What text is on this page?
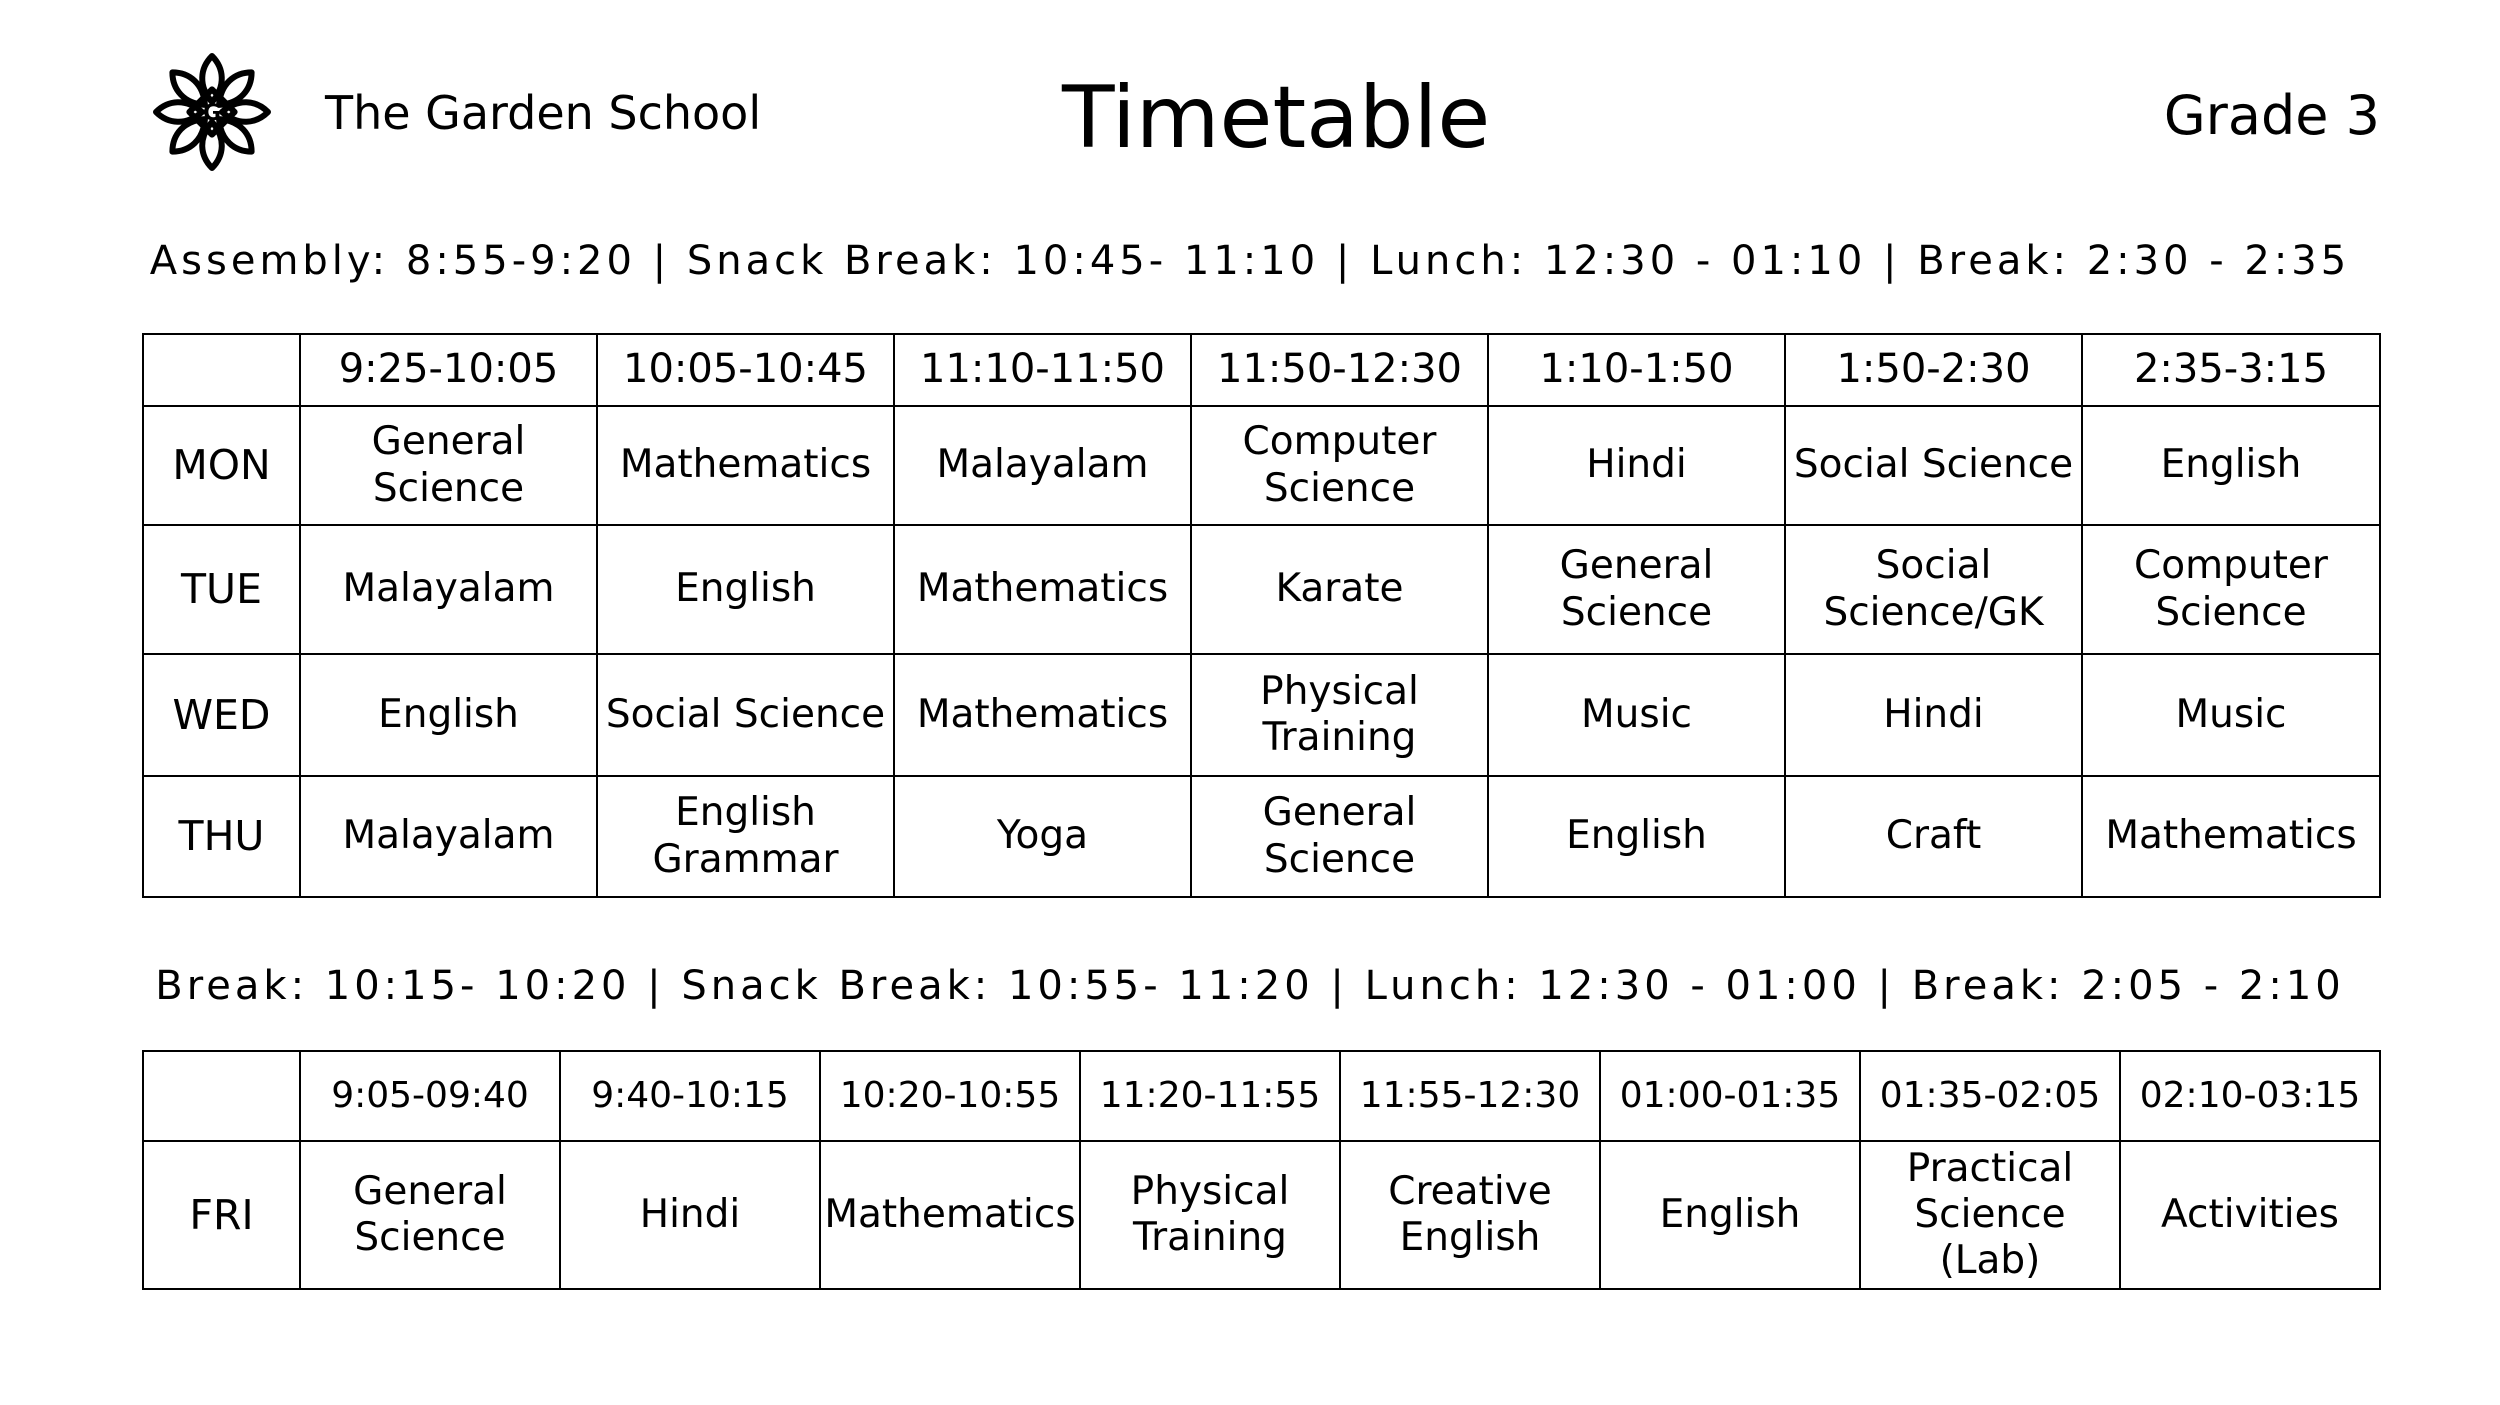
G The Garden School	Timetable	Grade 3
Assembly: 8:55-9:20 | Snack Break: 10:45- 11:10 | Lunch: 12:30 - 01:10 | Break: 2:30 - 2:35
	9:25-10:05	10:05-10:45	11:10-11:50	11:50-12:30	1:10-1:50	1:50-2:30	2:35-3:15
MON	General Science	Mathematics	Malayalam	Computer Science	Hindi	Social Science	English
TUE	Malayalam	English	Mathematics	Karate	General Science	Social Science/GK	Computer Science
WED	English	Social Science	Mathematics	Physical Training	Music	Hindi	Music
THU	Malayalam	English Grammar	Yoga	General Science	English	Craft	Mathematics
Break: 10:15- 10:20 | Snack Break: 10:55- 11:20 | Lunch: 12:30 - 01:00 | Break: 2:05 - 2:10
	9:05-09:40	9:40-10:15	10:20-10:55	11:20-11:55	11:55-12:30	01:00-01:35	01:35-02:05	02:10-03:15
FRI	General Science	Hindi	Mathematics	Physical Training	Creative English	English	Practical Science (Lab)	Activities
